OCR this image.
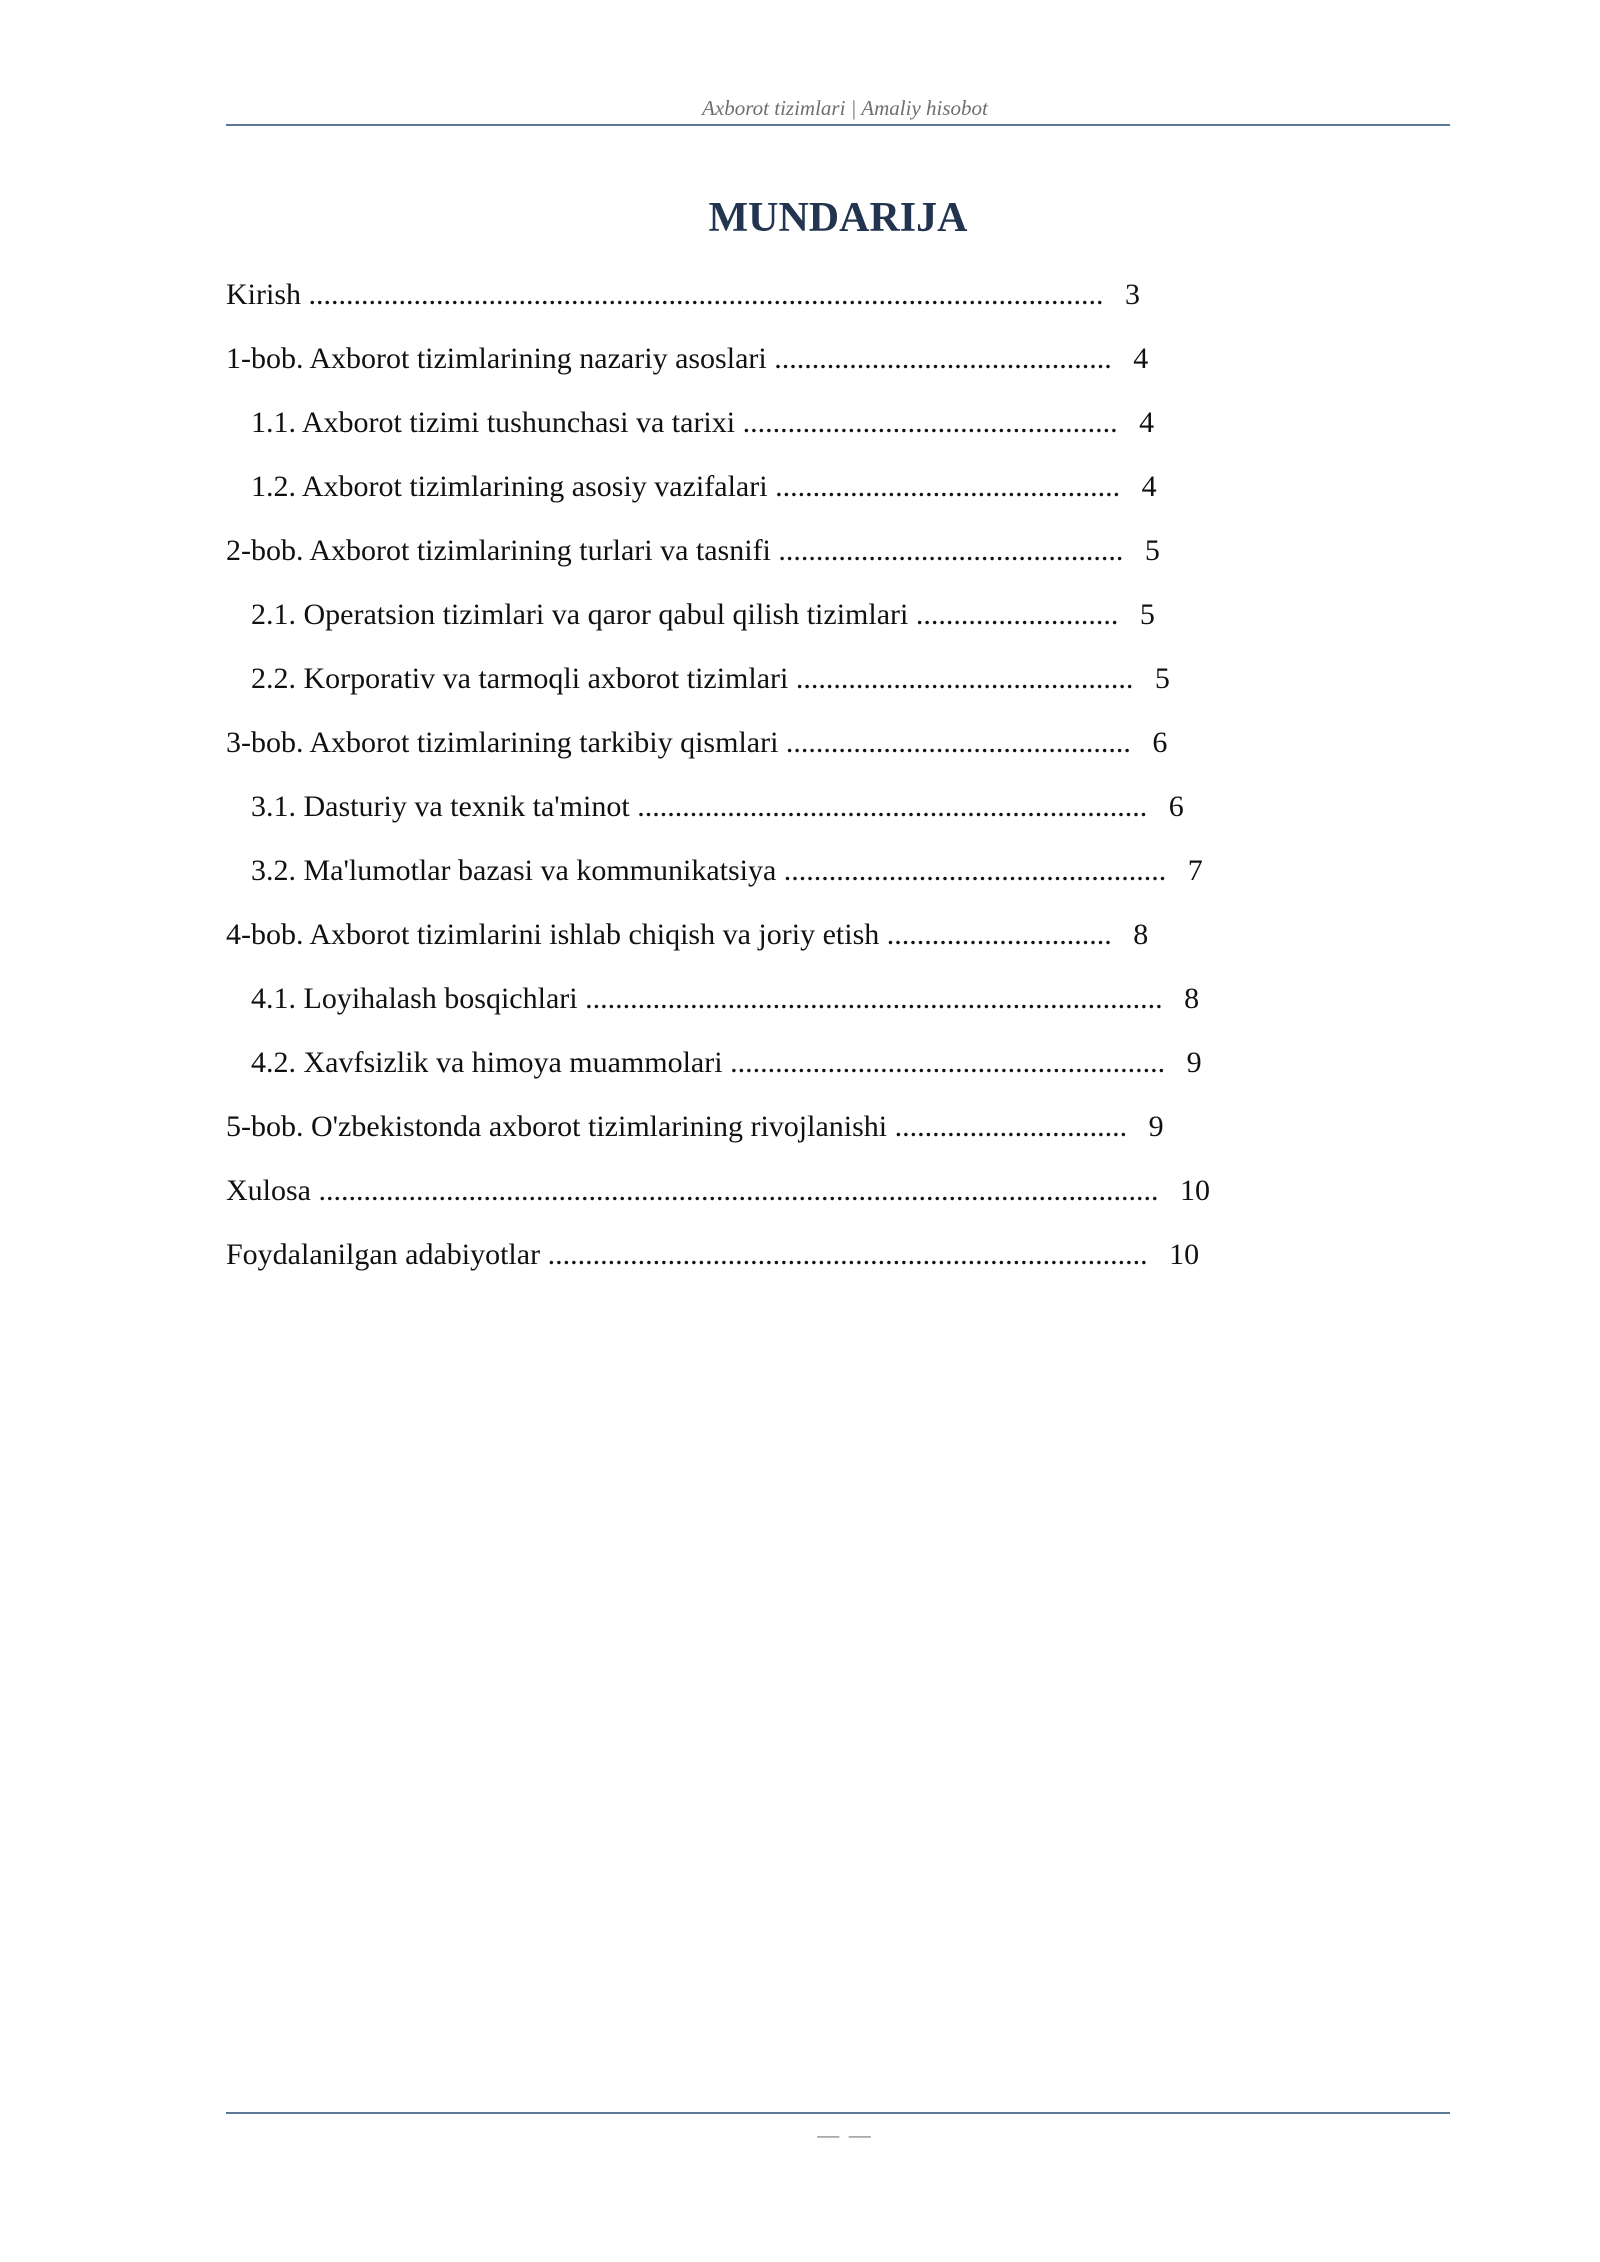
Axborot tizimlari | Amaliy hisobot
MUNDARIJA
Kirish .......................................................................................................... 3
1-bob. Axborot tizimlarining nazariy asoslari ............................................. 4
1.1. Axborot tizimi tushunchasi va tarixi .................................................. 4
1.2. Axborot tizimlarining asosiy vazifalari .............................................. 4
2-bob. Axborot tizimlarining turlari va tasnifi .............................................. 5
2.1. Operatsion tizimlari va qaror qabul qilish tizimlari ........................... 5
2.2. Korporativ va tarmoqli axborot tizimlari ............................................. 5
3-bob. Axborot tizimlarining tarkibiy qismlari .............................................. 6
3.1. Dasturiy va texnik ta'minot .................................................................... 6
3.2. Ma'lumotlar bazasi va kommunikatsiya ................................................... 7
4-bob. Axborot tizimlarini ishlab chiqish va joriy etish .............................. 8
4.1. Loyihalash bosqichlari ............................................................................. 8
4.2. Xavfsizlik va himoya muammolari .......................................................... 9
5-bob. O'zbekistonda axborot tizimlarining rivojlanishi ............................... 9
Xulosa ................................................................................................................ 10
Foydalanilgan adabiyotlar ................................................................................ 10
— —
